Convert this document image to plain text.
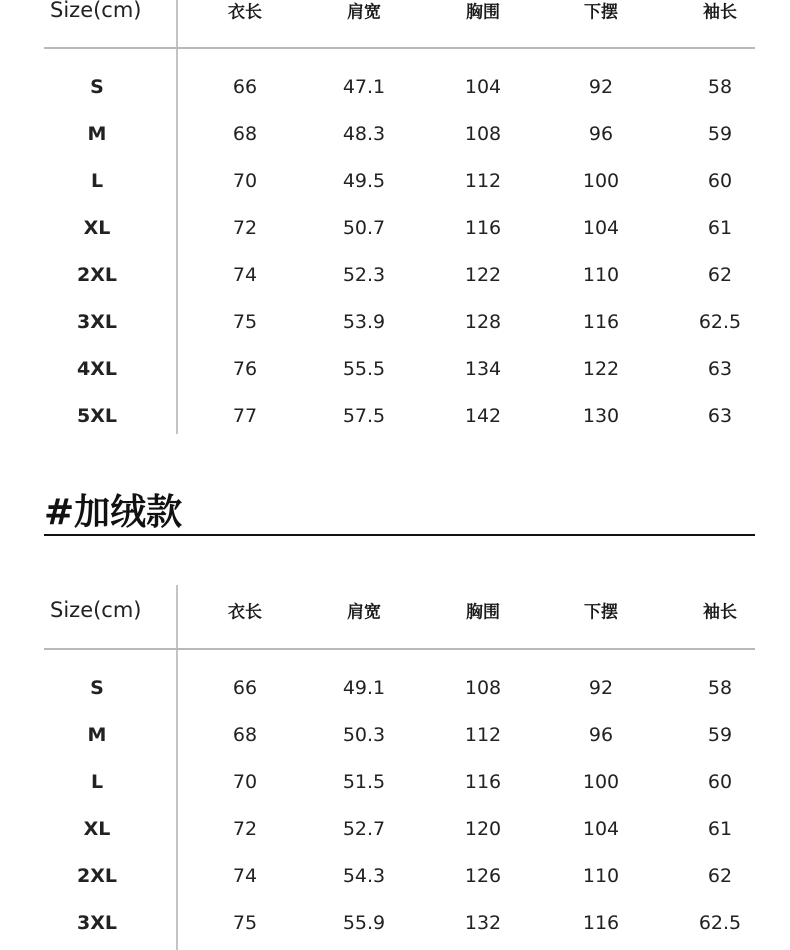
Size(cm)	衣长	肩宽	胸围	下摆	袖长
S	66	47.1	104	92	58
M	68	48.3	108	96	59
L	70	49.5	112	100	60
XL	72	50.7	116	104	61
2XL	74	52.3	122	110	62
3XL	75	53.9	128	116	62.5
4XL	76	55.5	134	122	63
5XL	77	57.5	142	130	63
#加绒款
Size(cm)	衣长	肩宽	胸围	下摆	袖长
S	66	49.1	108	92	58
M	68	50.3	112	96	59
L	70	51.5	116	100	60
XL	72	52.7	120	104	61
2XL	74	54.3	126	110	62
3XL	75	55.9	132	116	62.5
